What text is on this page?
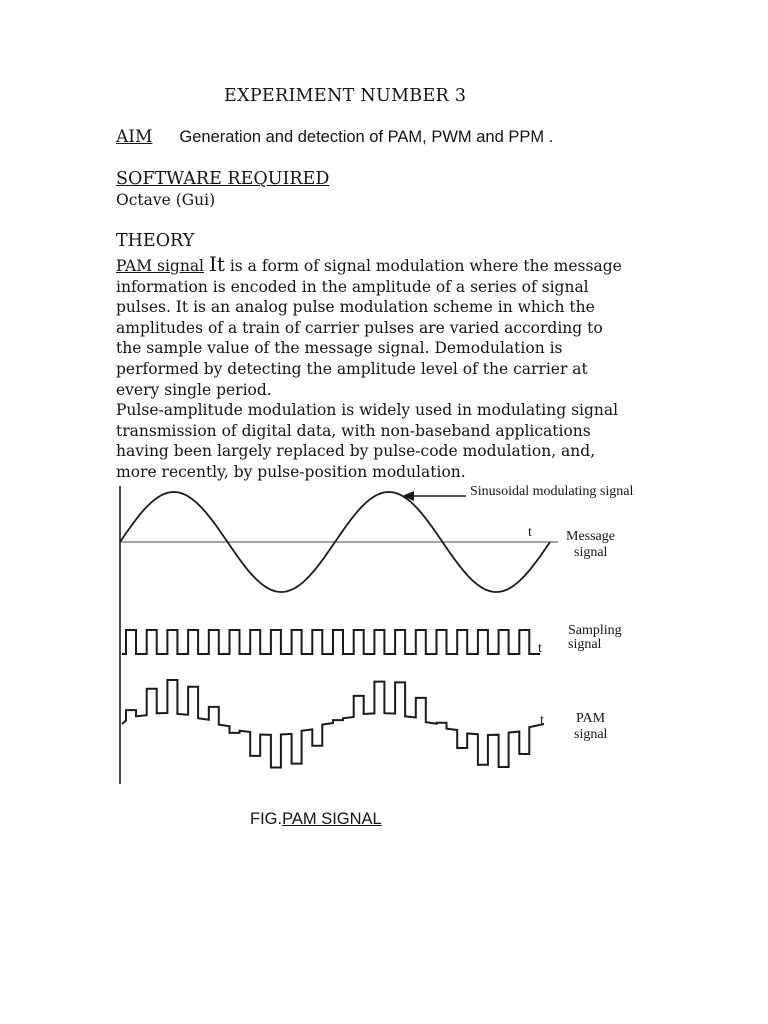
EXPERIMENT NUMBER 3
AIM Generation and detection of PAM, PWM and PPM .
SOFTWARE REQUIRED
Octave (Gui)
THEORY
PAM signal It is a form of signal modulation where the message
information is encoded in the amplitude of a series of signal
pulses. It is an analog pulse modulation scheme in which the
amplitudes of a train of carrier pulses are varied according to
the sample value of the message signal. Demodulation is
performed by detecting the amplitude level of the carrier at
every single period.
Pulse-amplitude modulation is widely used in modulating signal
transmission of digital data, with non-baseband applications
having been largely replaced by pulse-code modulation, and,
more recently, by pulse-position modulation.
Sinusoidal modulating signal
t Message
signal
t
Sampling
signal
t PAM
signal
FIG.PAM SIGNAL
